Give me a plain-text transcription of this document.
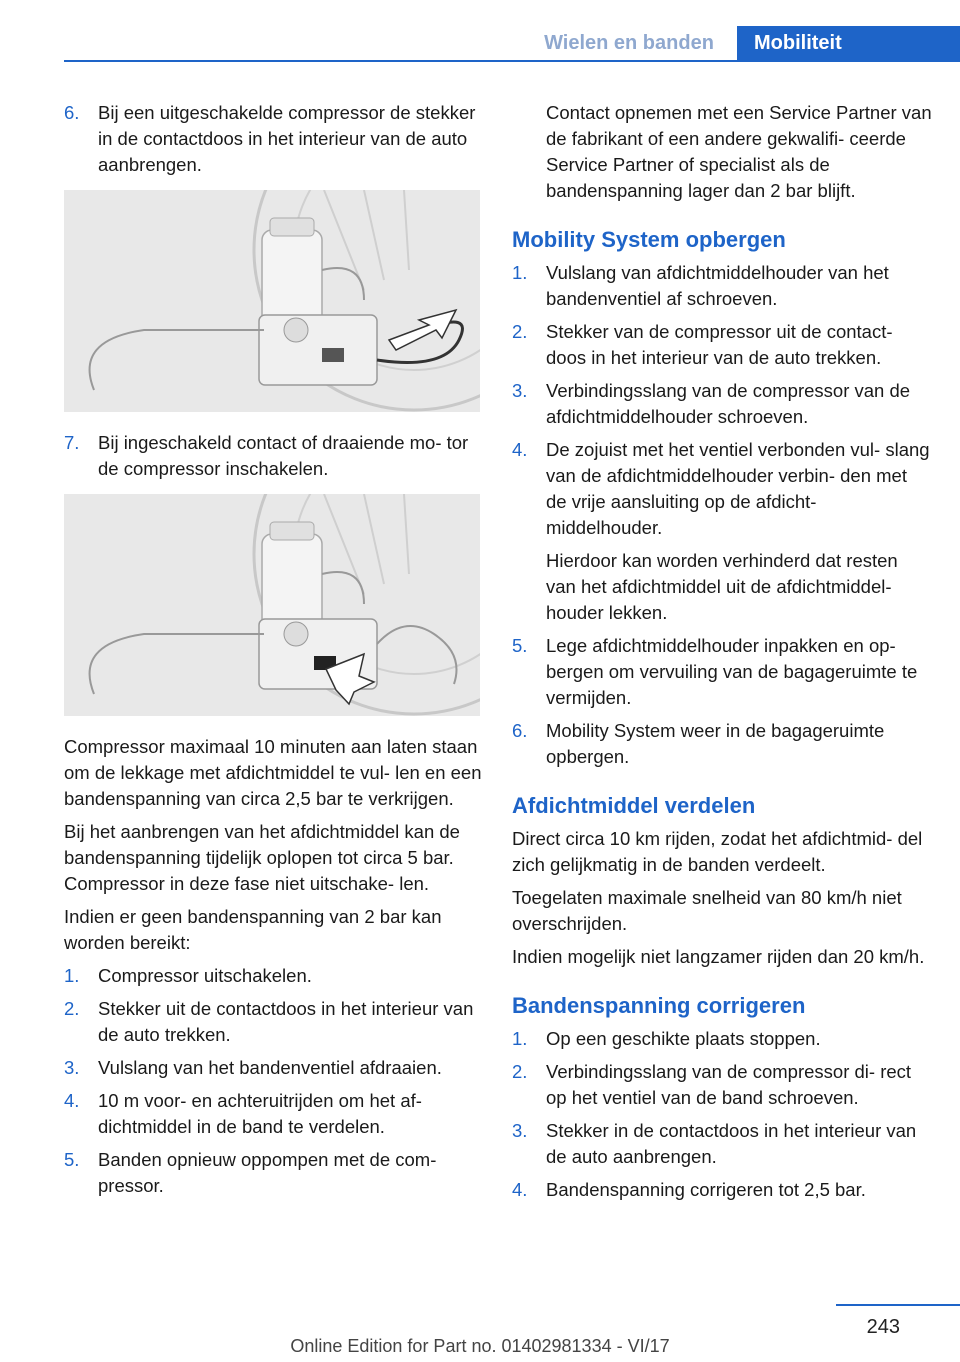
Wielen en banden	Mobiliteit
6.	Bij een uitgeschakelde compressor de stekker in de contactdoos in het interieur van de auto aanbrengen.
7.	Bij ingeschakeld contact of draaiende mo‐ tor de compressor inschakelen.

Compressor maximaal 10 minuten aan laten staan om de lekkage met afdichtmiddel te vul‐ len en een bandenspanning van circa 2,5 bar te verkrijgen.

Bij het aanbrengen van het afdichtmiddel kan de bandenspanning tijdelijk oplopen tot circa 5 bar. Compressor in deze fase niet uitschake‐ len.

Indien er geen bandenspanning van 2 bar kan worden bereikt:

1.	Compressor uitschakelen.
2.	Stekker uit de contactdoos in het interieur van de auto trekken.
3.	Vulslang van het bandenventiel afdraaien.
4.	10 m voor- en achteruitrijden om het af‐ dichtmiddel in de band te verdelen.
5.	Banden opnieuw oppompen met de com‐ pressor.

Contact opnemen met een Service Partner van de fabrikant of een andere gekwalifi‐ ceerde Service Partner of specialist als de bandenspanning lager dan 2 bar blijft.

Mobility System opbergen
1.	Vulslang van afdichtmiddelhouder van het bandenventiel af schroeven.
2.	Stekker van de compressor uit de contact‐ doos in het interieur van de auto trekken.
3.	Verbindingsslang van de compressor van de afdichtmiddelhouder schroeven.
4.	De zojuist met het ventiel verbonden vul‐ slang van de afdichtmiddelhouder verbin‐ den met de vrije aansluiting op de afdicht‐ middelhouder.
Hierdoor kan worden verhinderd dat resten van het afdichtmiddel uit de afdichtmiddel‐ houder lekken.
5.	Lege afdichtmiddelhouder inpakken en op‐ bergen om vervuiling van de bagageruimte te vermijden.
6.	Mobility System weer in de bagageruimte opbergen.
Afdichtmiddel verdelen

Direct circa 10 km rijden, zodat het afdichtmid‐ del zich gelijkmatig in de banden verdeelt.

Toegelaten maximale snelheid van 80 km/h niet overschrijden.

Indien mogelijk niet langzamer rijden dan 20 km/h.

Bandenspanning corrigeren
1.	Op een geschikte plaats stoppen.
2.	Verbindingsslang van de compressor di‐ rect op het ventiel van de band schroeven.
3.	Stekker in de contactdoos in het interieur van de auto aanbrengen.
4.	Bandenspanning corrigeren tot 2,5 bar.
243
Online Edition for Part no. 01402981334 - VI/17
